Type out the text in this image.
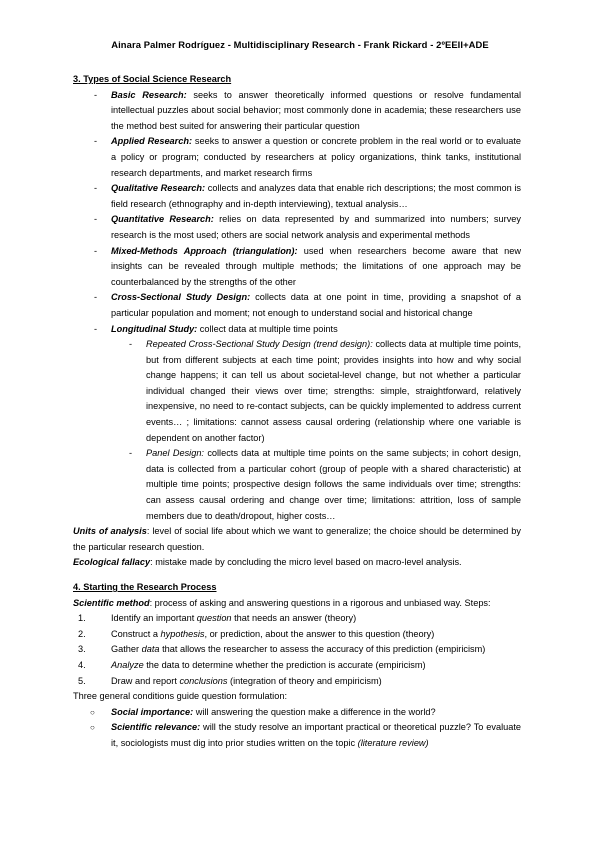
Ainara Palmer Rodríguez - Multidisciplinary Research - Frank Rickard - 2ºEEII+ADE
3. Types of Social Science Research
- Basic Research: seeks to answer theoretically informed questions or resolve fundamental intellectual puzzles about social behavior; most commonly done in academia; these researchers use the method best suited for answering their particular question
- Applied Research: seeks to answer a question or concrete problem in the real world or to evaluate a policy or program; conducted by researchers at policy organizations, think tanks, institutional research departments, and market research firms
- Qualitative Research: collects and analyzes data that enable rich descriptions; the most common is field research (ethnography and in-depth interviewing), textual analysis…
- Quantitative Research: relies on data represented by and summarized into numbers; survey research is the most used; others are social network analysis and experimental methods
- Mixed-Methods Approach (triangulation): used when researchers become aware that new insights can be revealed through multiple methods; the limitations of one approach may be counterbalanced by the strengths of the other
- Cross-Sectional Study Design: collects data at one point in time, providing a snapshot of a particular population and moment; not enough to understand social and historical change
- Longitudinal Study: collect data at multiple time points
- Repeated Cross-Sectional Study Design (trend design): collects data at multiple time points, but from different subjects at each time point; provides insights into how and why social change happens; it can tell us about societal-level change, but not whether a particular individual changed their views over time; strengths: simple, straightforward, relatively inexpensive, no need to re-contact subjects, can be quickly implemented to address current events… ; limitations: cannot assess causal ordering (relationship where one variable is dependent on another factor)
- Panel Design: collects data at multiple time points on the same subjects; in cohort design, data is collected from a particular cohort (group of people with a shared characteristic) at multiple time points; prospective design follows the same individuals over time; strengths: can assess causal ordering and change over time; limitations: attrition, loss of sample members due to death/dropout, higher costs…

Units of analysis: level of social life about which we want to generalize; the choice should be determined by the particular research question.

Ecological fallacy: mistake made by concluding the micro level based on macro-level analysis.

4. Starting the Research Process

Scientific method: process of asking and answering questions in a rigorous and unbiased way. Steps:

1.	Identify an important question that needs an answer (theory)
2.	Construct a hypothesis, or prediction, about the answer to this question (theory)
3.	Gather data that allows the researcher to assess the accuracy of this prediction (empiricism)
4.	Analyze the data to determine whether the prediction is accurate (empiricism)
5.	Draw and report conclusions (integration of theory and empiricism)

Three general conditions guide question formulation:

○ Social importance: will answering the question make a difference in the world?
○ Scientific relevance: will the study resolve an important practical or theoretical puzzle? To evaluate it, sociologists must dig into prior studies written on the topic (literature review)
